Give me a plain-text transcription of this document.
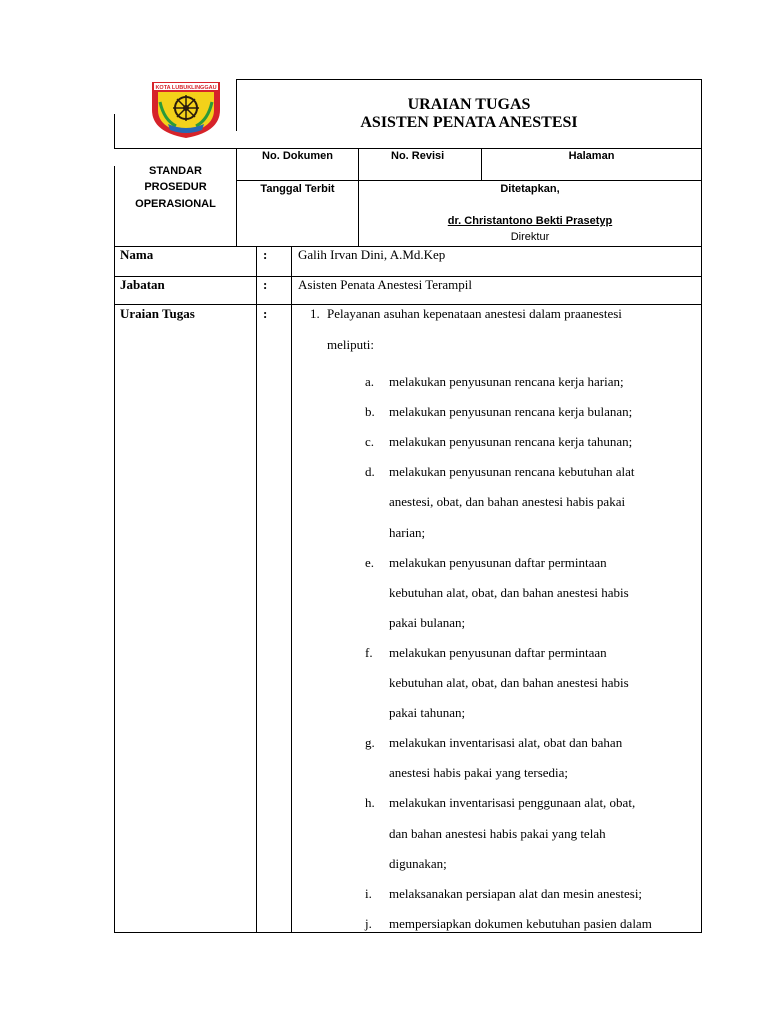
KOTA LUBUKLINGGAU
URAIAN TUGAS
ASISTEN PENATA ANESTESI
STANDAR
PROSEDUR
OPERASIONAL
No. Dokumen	No. Revisi	Halaman
Tanggal Terbit	Ditetapkan,
dr. Christantono Bekti Prasetyp
Direktur
Nama	: Galih Irvan Dini, A.Md.Kep
Jabatan	: Asisten Penata Anestesi Terampil
Uraian Tugas	:	1. Pelayanan asuhan kepenataan anestesi dalam praanestesi
meliputi:
a. melakukan penyusunan rencana kerja harian;
b. melakukan penyusunan rencana kerja bulanan;
c. melakukan penyusunan rencana kerja tahunan;
d. melakukan penyusunan rencana kebutuhan alat
anestesi, obat, dan bahan anestesi habis pakai
harian;
e. melakukan penyusunan daftar permintaan
kebutuhan alat, obat, dan bahan anestesi habis
pakai bulanan;
f. melakukan penyusunan daftar permintaan
kebutuhan alat, obat, dan bahan anestesi habis
pakai tahunan;
g. melakukan inventarisasi alat, obat dan bahan
anestesi habis pakai yang tersedia;
h. melakukan inventarisasi penggunaan alat, obat,
dan bahan anestesi habis pakai yang telah
digunakan;
i. melaksanakan persiapan alat dan mesin anestesi;
j. mempersiapkan dokumen kebutuhan pasien dalam
